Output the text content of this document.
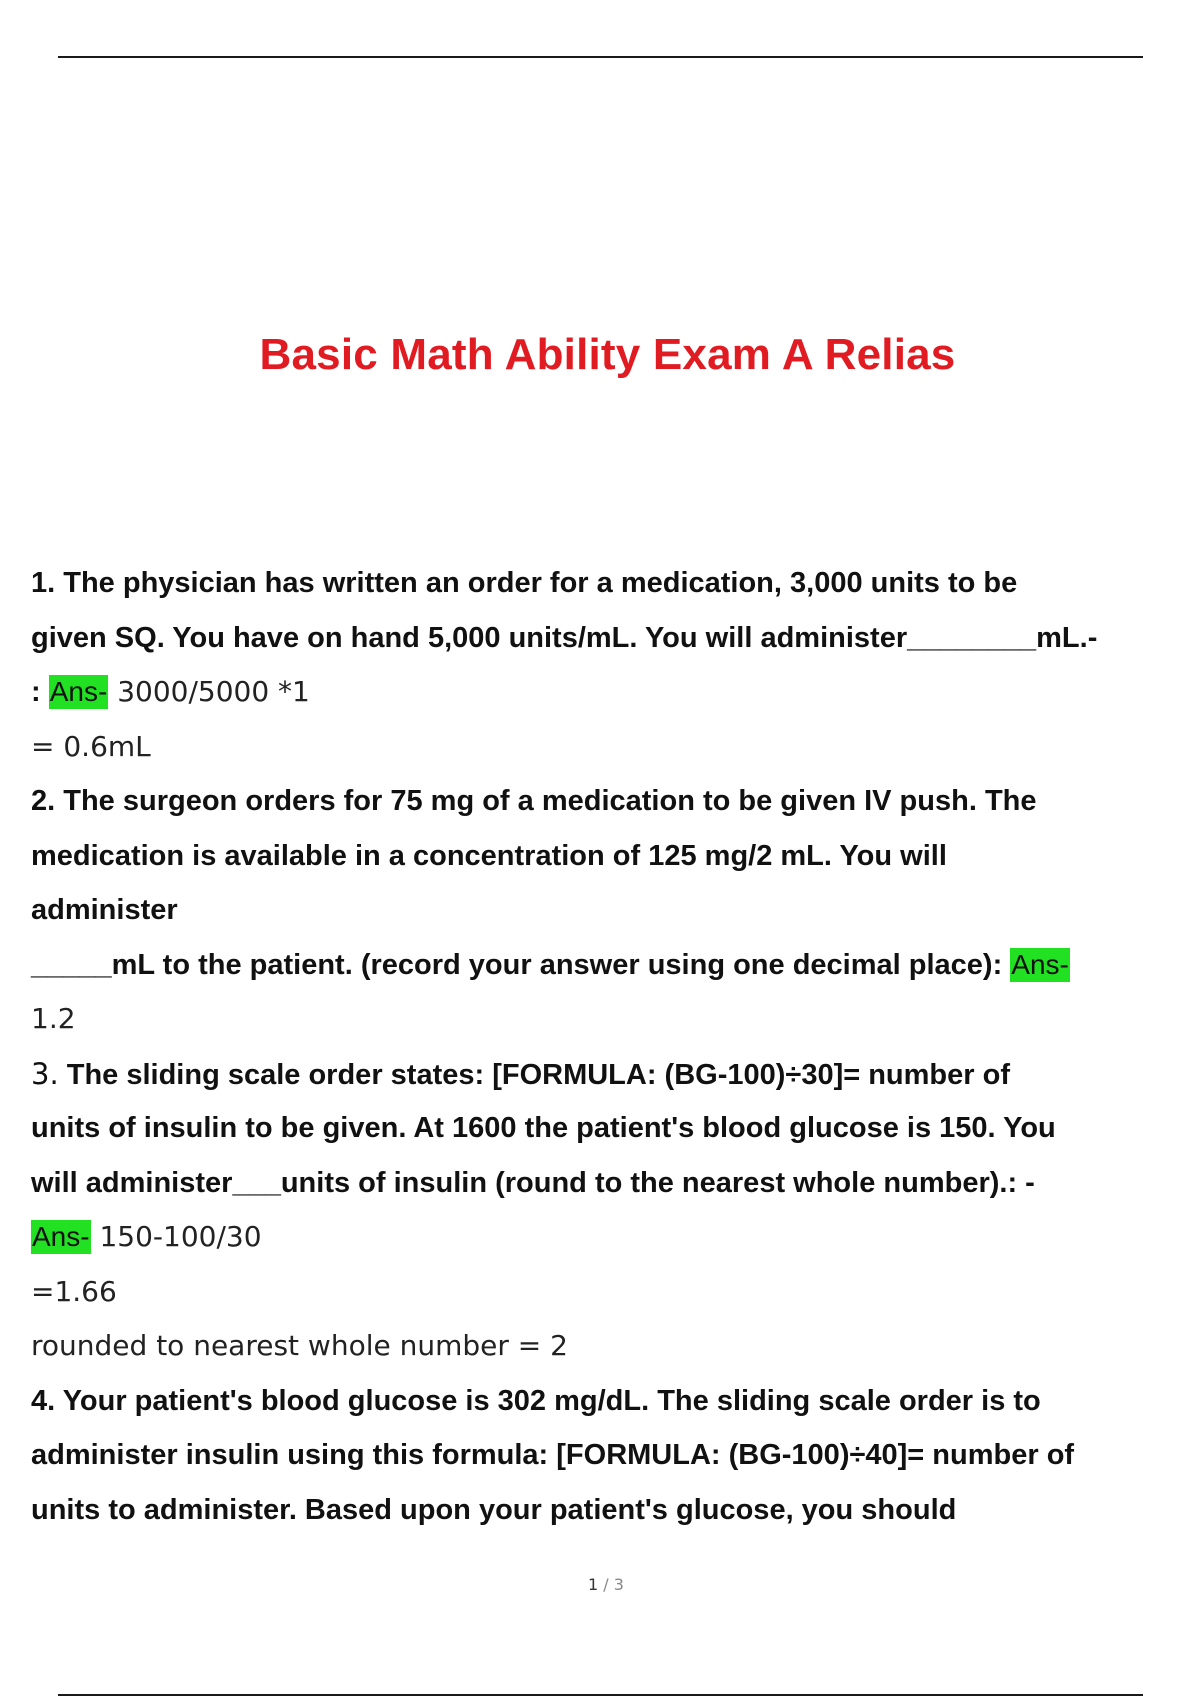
Basic Math Ability Exam A Relias
1. The physician has written an order for a medication, 3,000 units to be
given SQ. You have on hand 5,000 units/mL. You will administer________mL.-
: Ans- 3000/5000 *1
= 0.6mL
2. The surgeon orders for 75 mg of a medication to be given IV push. The
medication is available in a concentration of 125 mg/2 mL. You will
administer
_____mL to the patient. (record your answer using one decimal place): Ans-
1.2
3. The sliding scale order states: [FORMULA: (BG-100)÷30]= number of
units of insulin to be given. At 1600 the patient's blood glucose is 150. You
will administer___units of insulin (round to the nearest whole number).: -
Ans- 150-100/30
=1.66
rounded to nearest whole number = 2
4. Your patient's blood glucose is 302 mg/dL. The sliding scale order is to
administer insulin using this formula: [FORMULA: (BG-100)÷40]= number of
units to administer. Based upon your patient's glucose, you should
1 / 3
